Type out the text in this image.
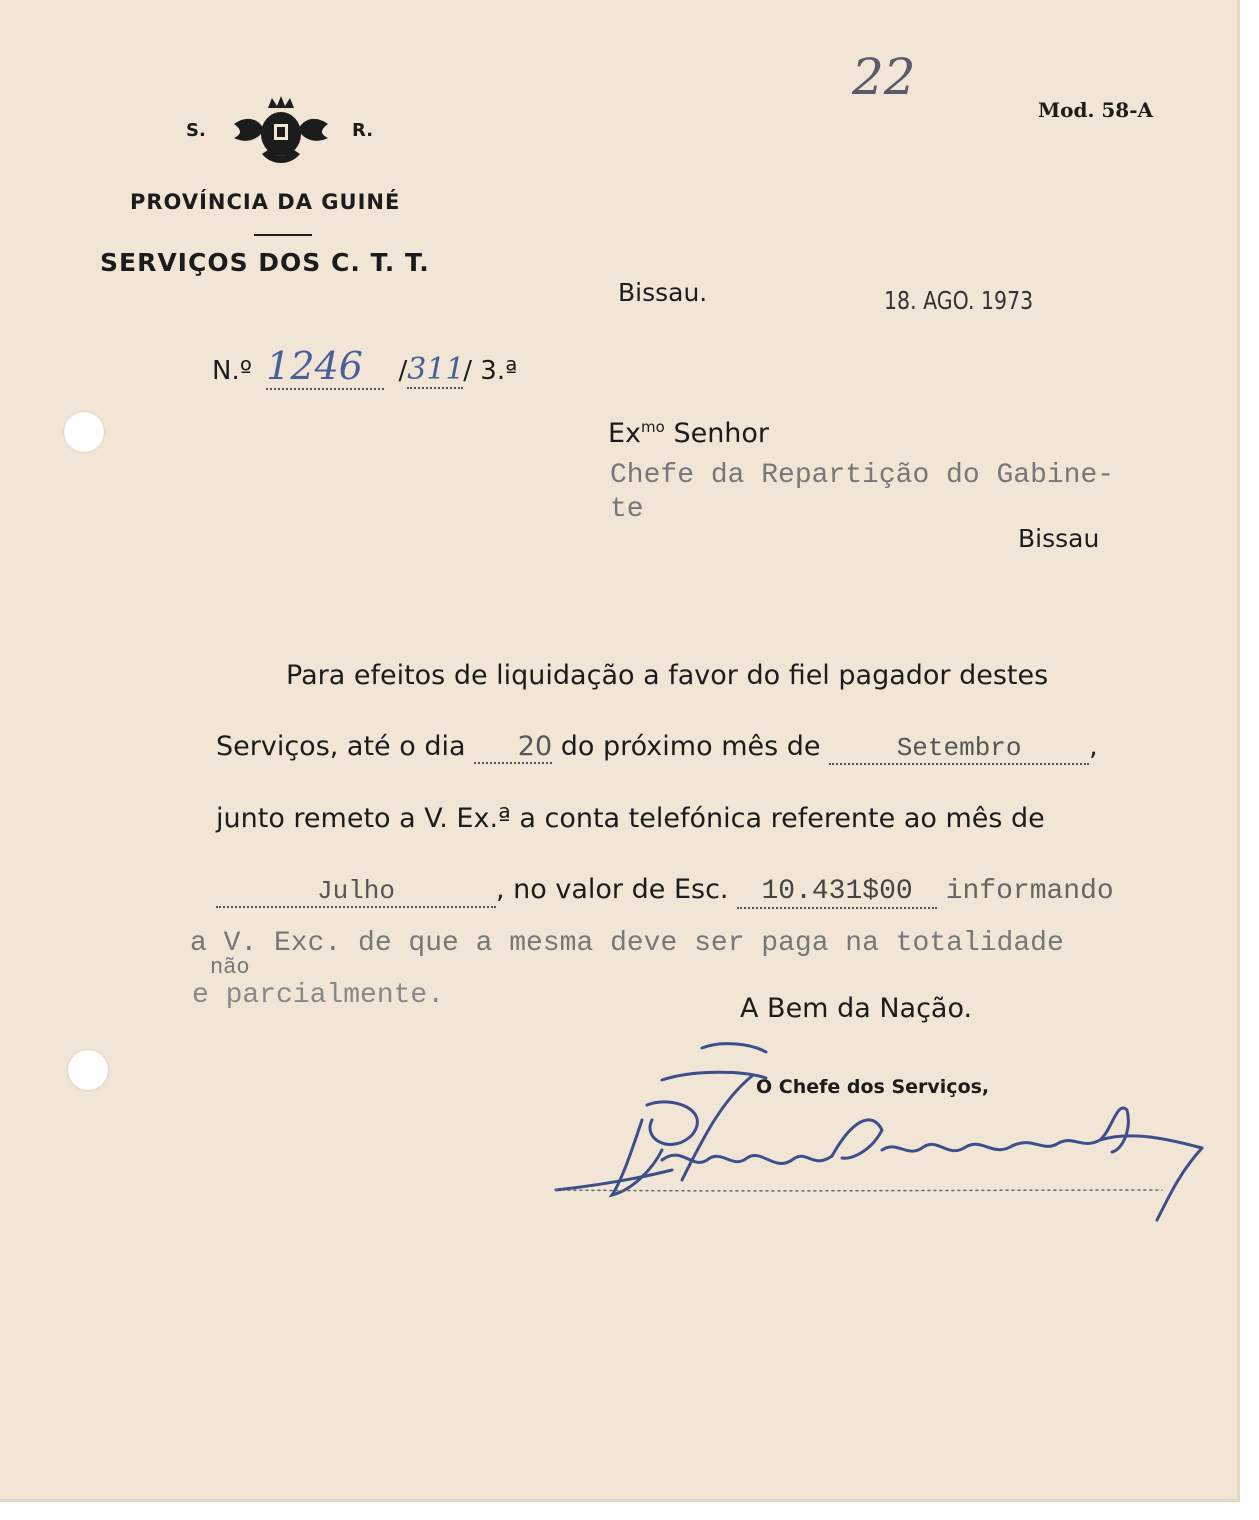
22
Mod. 58-A
S.	R.
PROVÍNCIA DA GUINÉ
SERVIÇOS DOS C. T. T.
Bissau.	18. AGO. 1973
N.º 1246 /311/ 3.ª
$Ex^{mo}$ Senhor
Chefe da Repartição do Gabine-
te
Bissau
Para efeitos de liquidação a favor do fiel pagador destes
Serviços, até o dia 20 do próximo mês de	Setembro	,
junto remeto a V. Ex.ª a conta telefónica referente ao mês de
Julho	, no valor de Esc. 10.431$00 informando
a V. Exc. de que a mesma deve ser paga na totalidade
não
e parcialmente.	A Bem da Nação.
O Chefe dos Serviços,
